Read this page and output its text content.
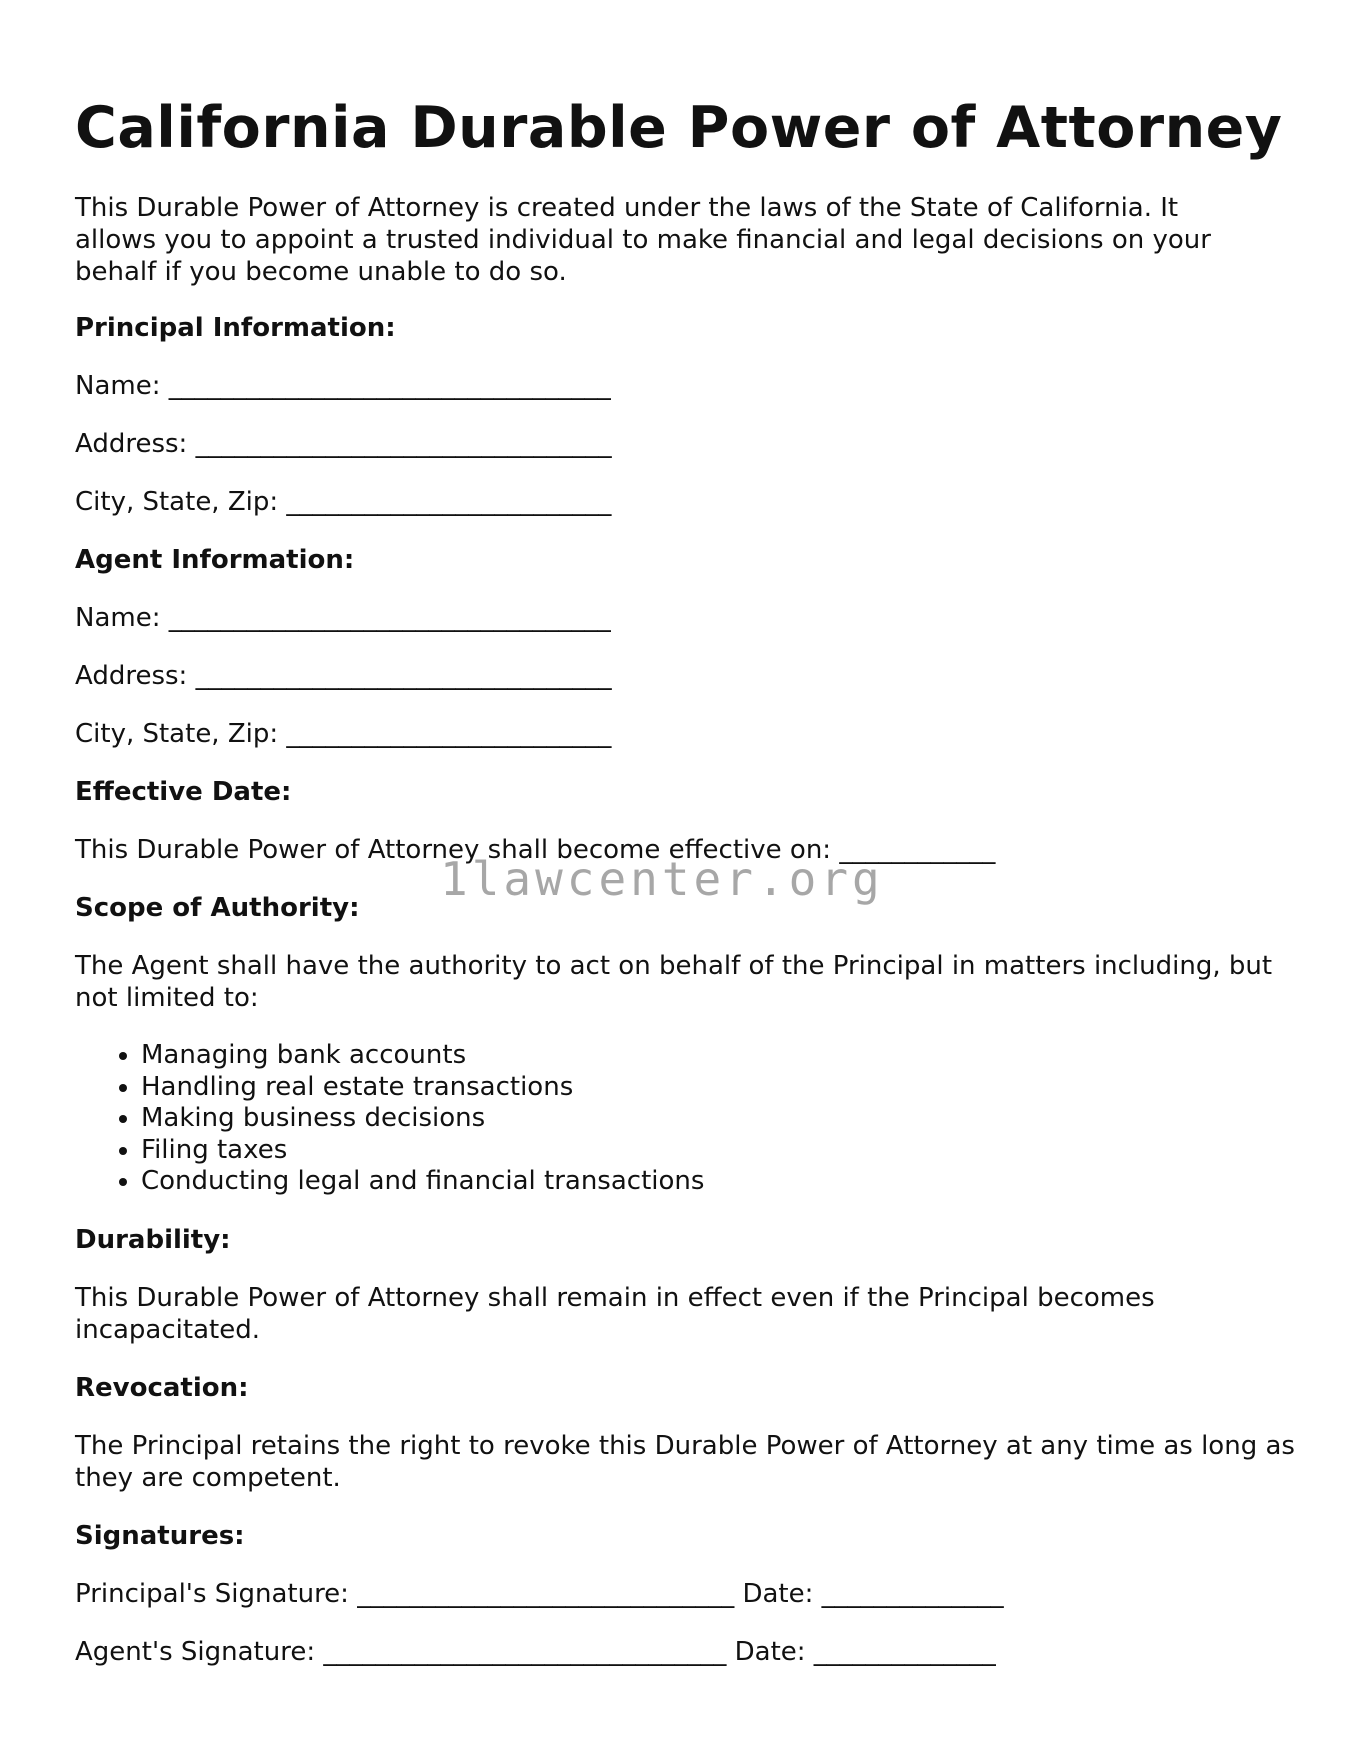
California Durable Power of Attorney

This Durable Power of Attorney is created under the laws of the State of California. It allows you to appoint a trusted individual to make financial and legal decisions on your behalf if you become unable to do so.

Principal Information:

Name: __________________________________

Address: ________________________________

City, State, Zip: _________________________

Agent Information:

Name: __________________________________

Address: ________________________________

City, State, Zip: _________________________

Effective Date:

This Durable Power of Attorney shall become effective on: ____________

Scope of Authority:

The Agent shall have the authority to act on behalf of the Principal in matters including, but not limited to:

• Managing bank accounts
• Handling real estate transactions
• Making business decisions
• Filing taxes
• Conducting legal and financial transactions

Durability:

This Durable Power of Attorney shall remain in effect even if the Principal becomes incapacitated.

Revocation:

The Principal retains the right to revoke this Durable Power of Attorney at any time as long as they are competent.

Signatures:

Principal's Signature: _____________________________ Date: ______________

Agent's Signature: _______________________________ Date: ______________

1lawcenter.org
